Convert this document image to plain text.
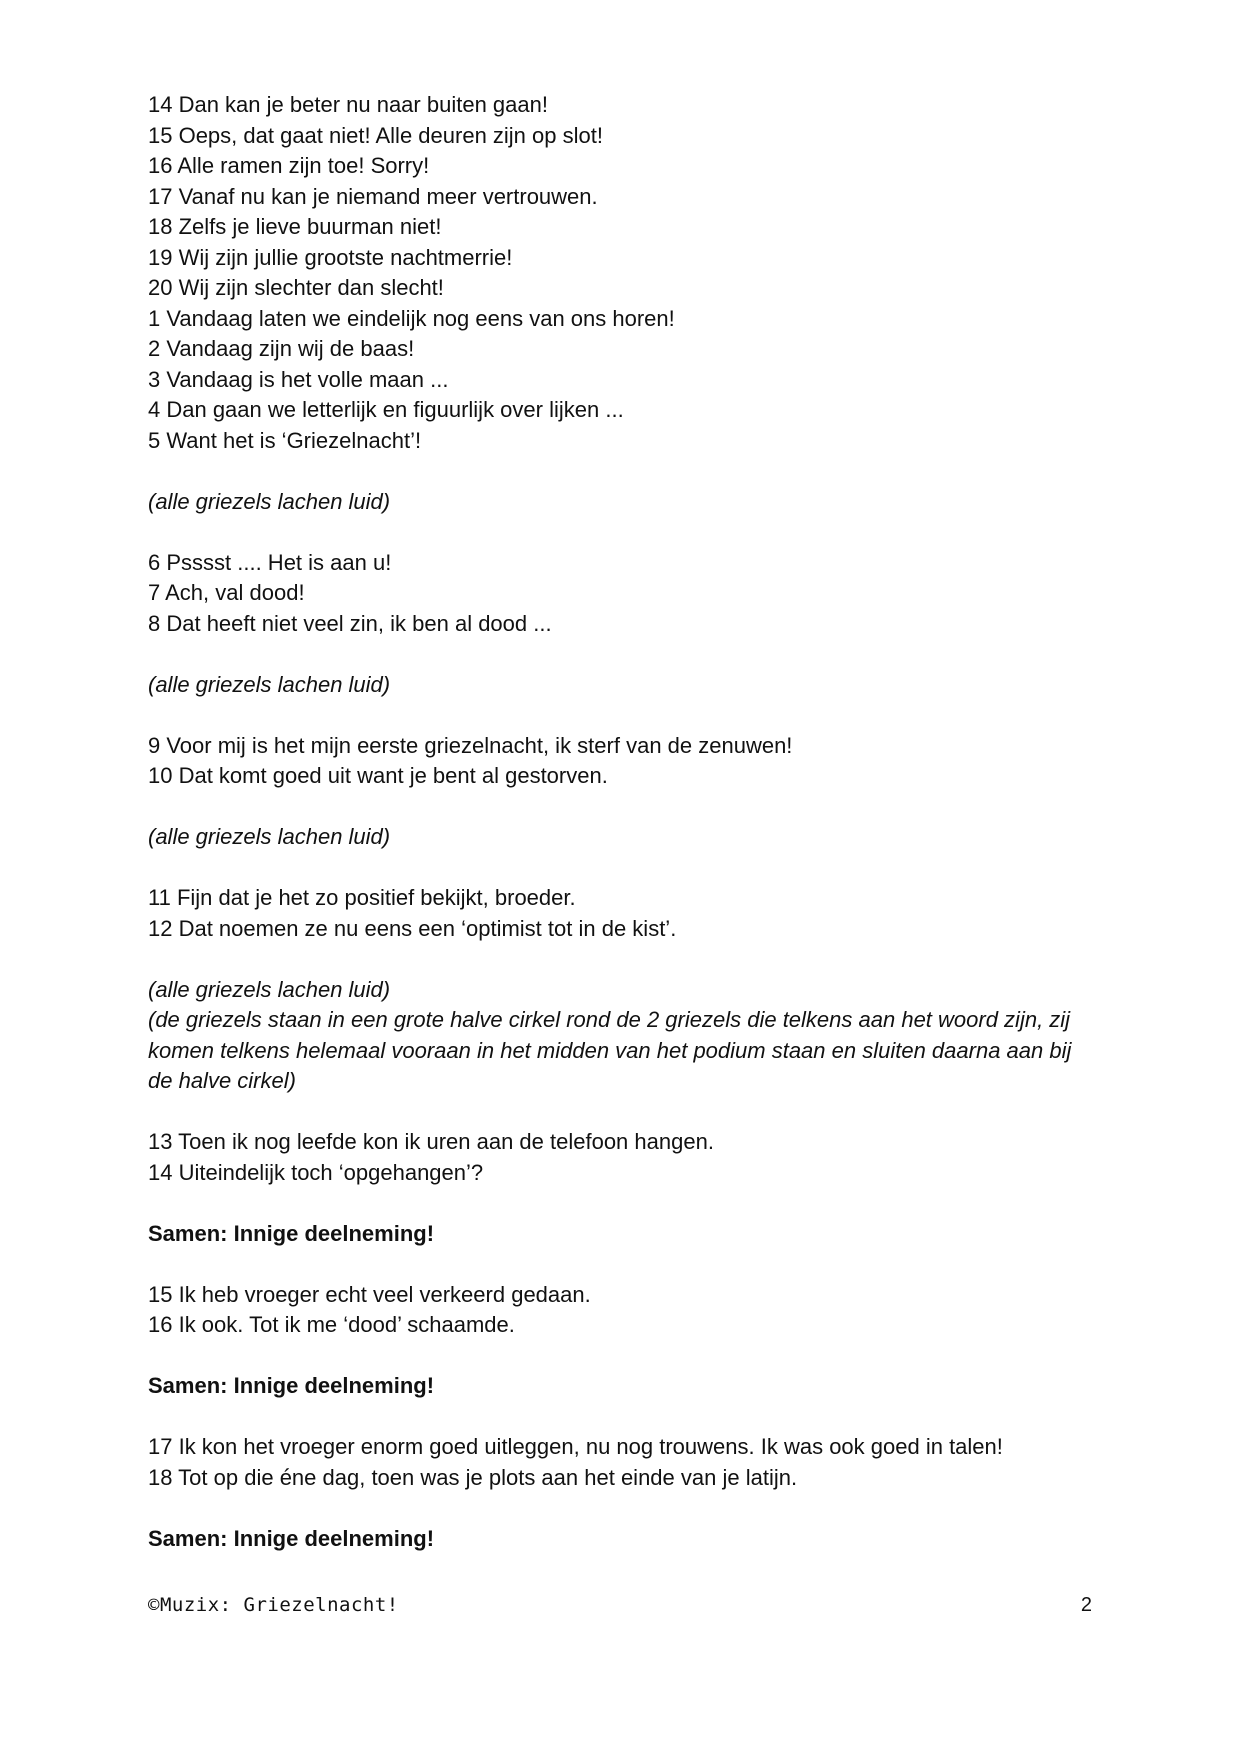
14 Dan kan je beter nu naar buiten gaan!

15 Oeps, dat gaat niet! Alle deuren zijn op slot!

16 Alle ramen zijn toe! Sorry!

17 Vanaf nu kan je niemand meer vertrouwen.

18 Zelfs je lieve buurman niet!

19 Wij zijn jullie grootste nachtmerrie!

20 Wij zijn slechter dan slecht!

1 Vandaag laten we eindelijk nog eens van ons horen!

2 Vandaag zijn wij de baas!

3 Vandaag is het volle maan ...

4 Dan gaan we letterlijk en figuurlijk over lijken ...

5 Want het is ‘Griezelnacht’!

(alle griezels lachen luid)

6 Psssst .... Het is aan u!

7 Ach, val dood!

8 Dat heeft niet veel zin, ik ben al dood ...

(alle griezels lachen luid)

9 Voor mij is het mijn eerste griezelnacht, ik sterf van de zenuwen!

10 Dat komt goed uit want je bent al gestorven.

(alle griezels lachen luid)

11 Fijn dat je het zo positief bekijkt, broeder.

12 Dat noemen ze nu eens een ‘optimist tot in de kist’.

(alle griezels lachen luid)

(de griezels staan in een grote halve cirkel rond de 2 griezels die telkens aan het woord zijn, zij komen telkens helemaal vooraan in het midden van het podium staan en sluiten daarna aan bij de halve cirkel)

13 Toen ik nog leefde kon ik uren aan de telefoon hangen.

14 Uiteindelijk toch ‘opgehangen’?

Samen: Innige deelneming!

15 Ik heb vroeger echt veel verkeerd gedaan.

16 Ik ook. Tot ik me ‘dood’ schaamde.

Samen: Innige deelneming!

17 Ik kon het vroeger enorm goed uitleggen, nu nog trouwens. Ik was ook goed in talen!

18 Tot op die éne dag, toen was je plots aan het einde van je latijn.

Samen: Innige deelneming!

©Muzix: Griezelnacht!	2
